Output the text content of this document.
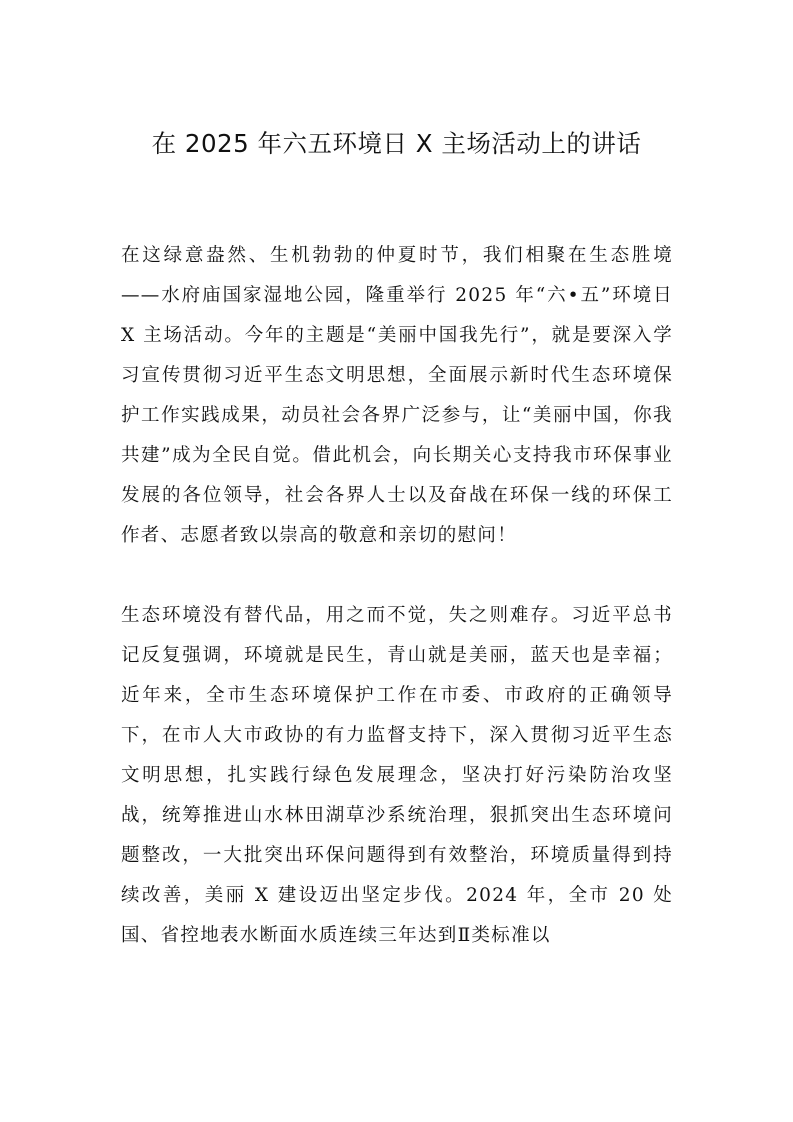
在 2025 年六五环境日 X 主场活动上的讲话

在这绿意盎然、生机勃勃的仲夏时节，我们相聚在生态胜境——水府庙国家湿地公园，隆重举行 2025 年“六•五”环境日 X 主场活动。今年的主题是“美丽中国我先行”，就是要深入学习宣传贯彻习近平生态文明思想，全面展示新时代生态环境保护工作实践成果，动员社会各界广泛参与，让“美丽中国，你我共建”成为全民自觉。借此机会，向长期关心支持我市环保事业发展的各位领导，社会各界人士以及奋战在环保一线的环保工作者、志愿者致以崇高的敬意和亲切的慰问！

生态环境没有替代品，用之而不觉，失之则难存。习近平总书记反复强调，环境就是民生，青山就是美丽，蓝天也是幸福；近年来，全市生态环境保护工作在市委、市政府的正确领导下，在市人大市政协的有力监督支持下，深入贯彻习近平生态文明思想，扎实践行绿色发展理念，坚决打好污染防治攻坚战，统筹推进山水林田湖草沙系统治理，狠抓突出生态环境问题整改，一大批突出环保问题得到有效整治，环境质量得到持续改善，美丽 X 建设迈出坚定步伐。2024 年，全市 20 处国、省控地表水断面水质连续三年达到Ⅱ类标准以
